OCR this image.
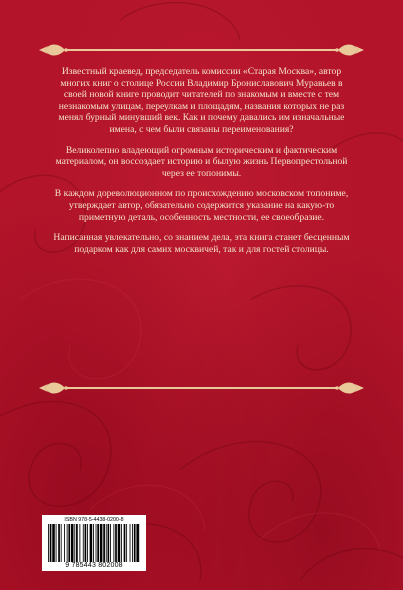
Известный краевед, председатель комиссии «Старая Москва», автор многих книг о столице России Владимир Брониславович Муравьев в своей новой книге проводит читателей по знакомым и вместе с тем незнакомым улицам, переулкам и площадям, названия которых не раз менял бурный минувший век. Как и почему давались им изначальные имена, с чем были связаны переименования?

Великолепно владеющий огромным историческим и фактическим материалом, он воссоздает историю и былую жизнь Первопрестольной через ее топонимы.

В каждом дореволюционном по происхождению московском топониме, утверждает автор, обязательно содержится указание на какую-то приметную деталь, особенность местности, ее своеобразие.

Написанная увлекательно, со знанием дела, эта книга станет бесценным подарком как для самих москвичей, так и для гостей столицы.

ISBN 978-5-4438-0200-8
9 785443 802008
